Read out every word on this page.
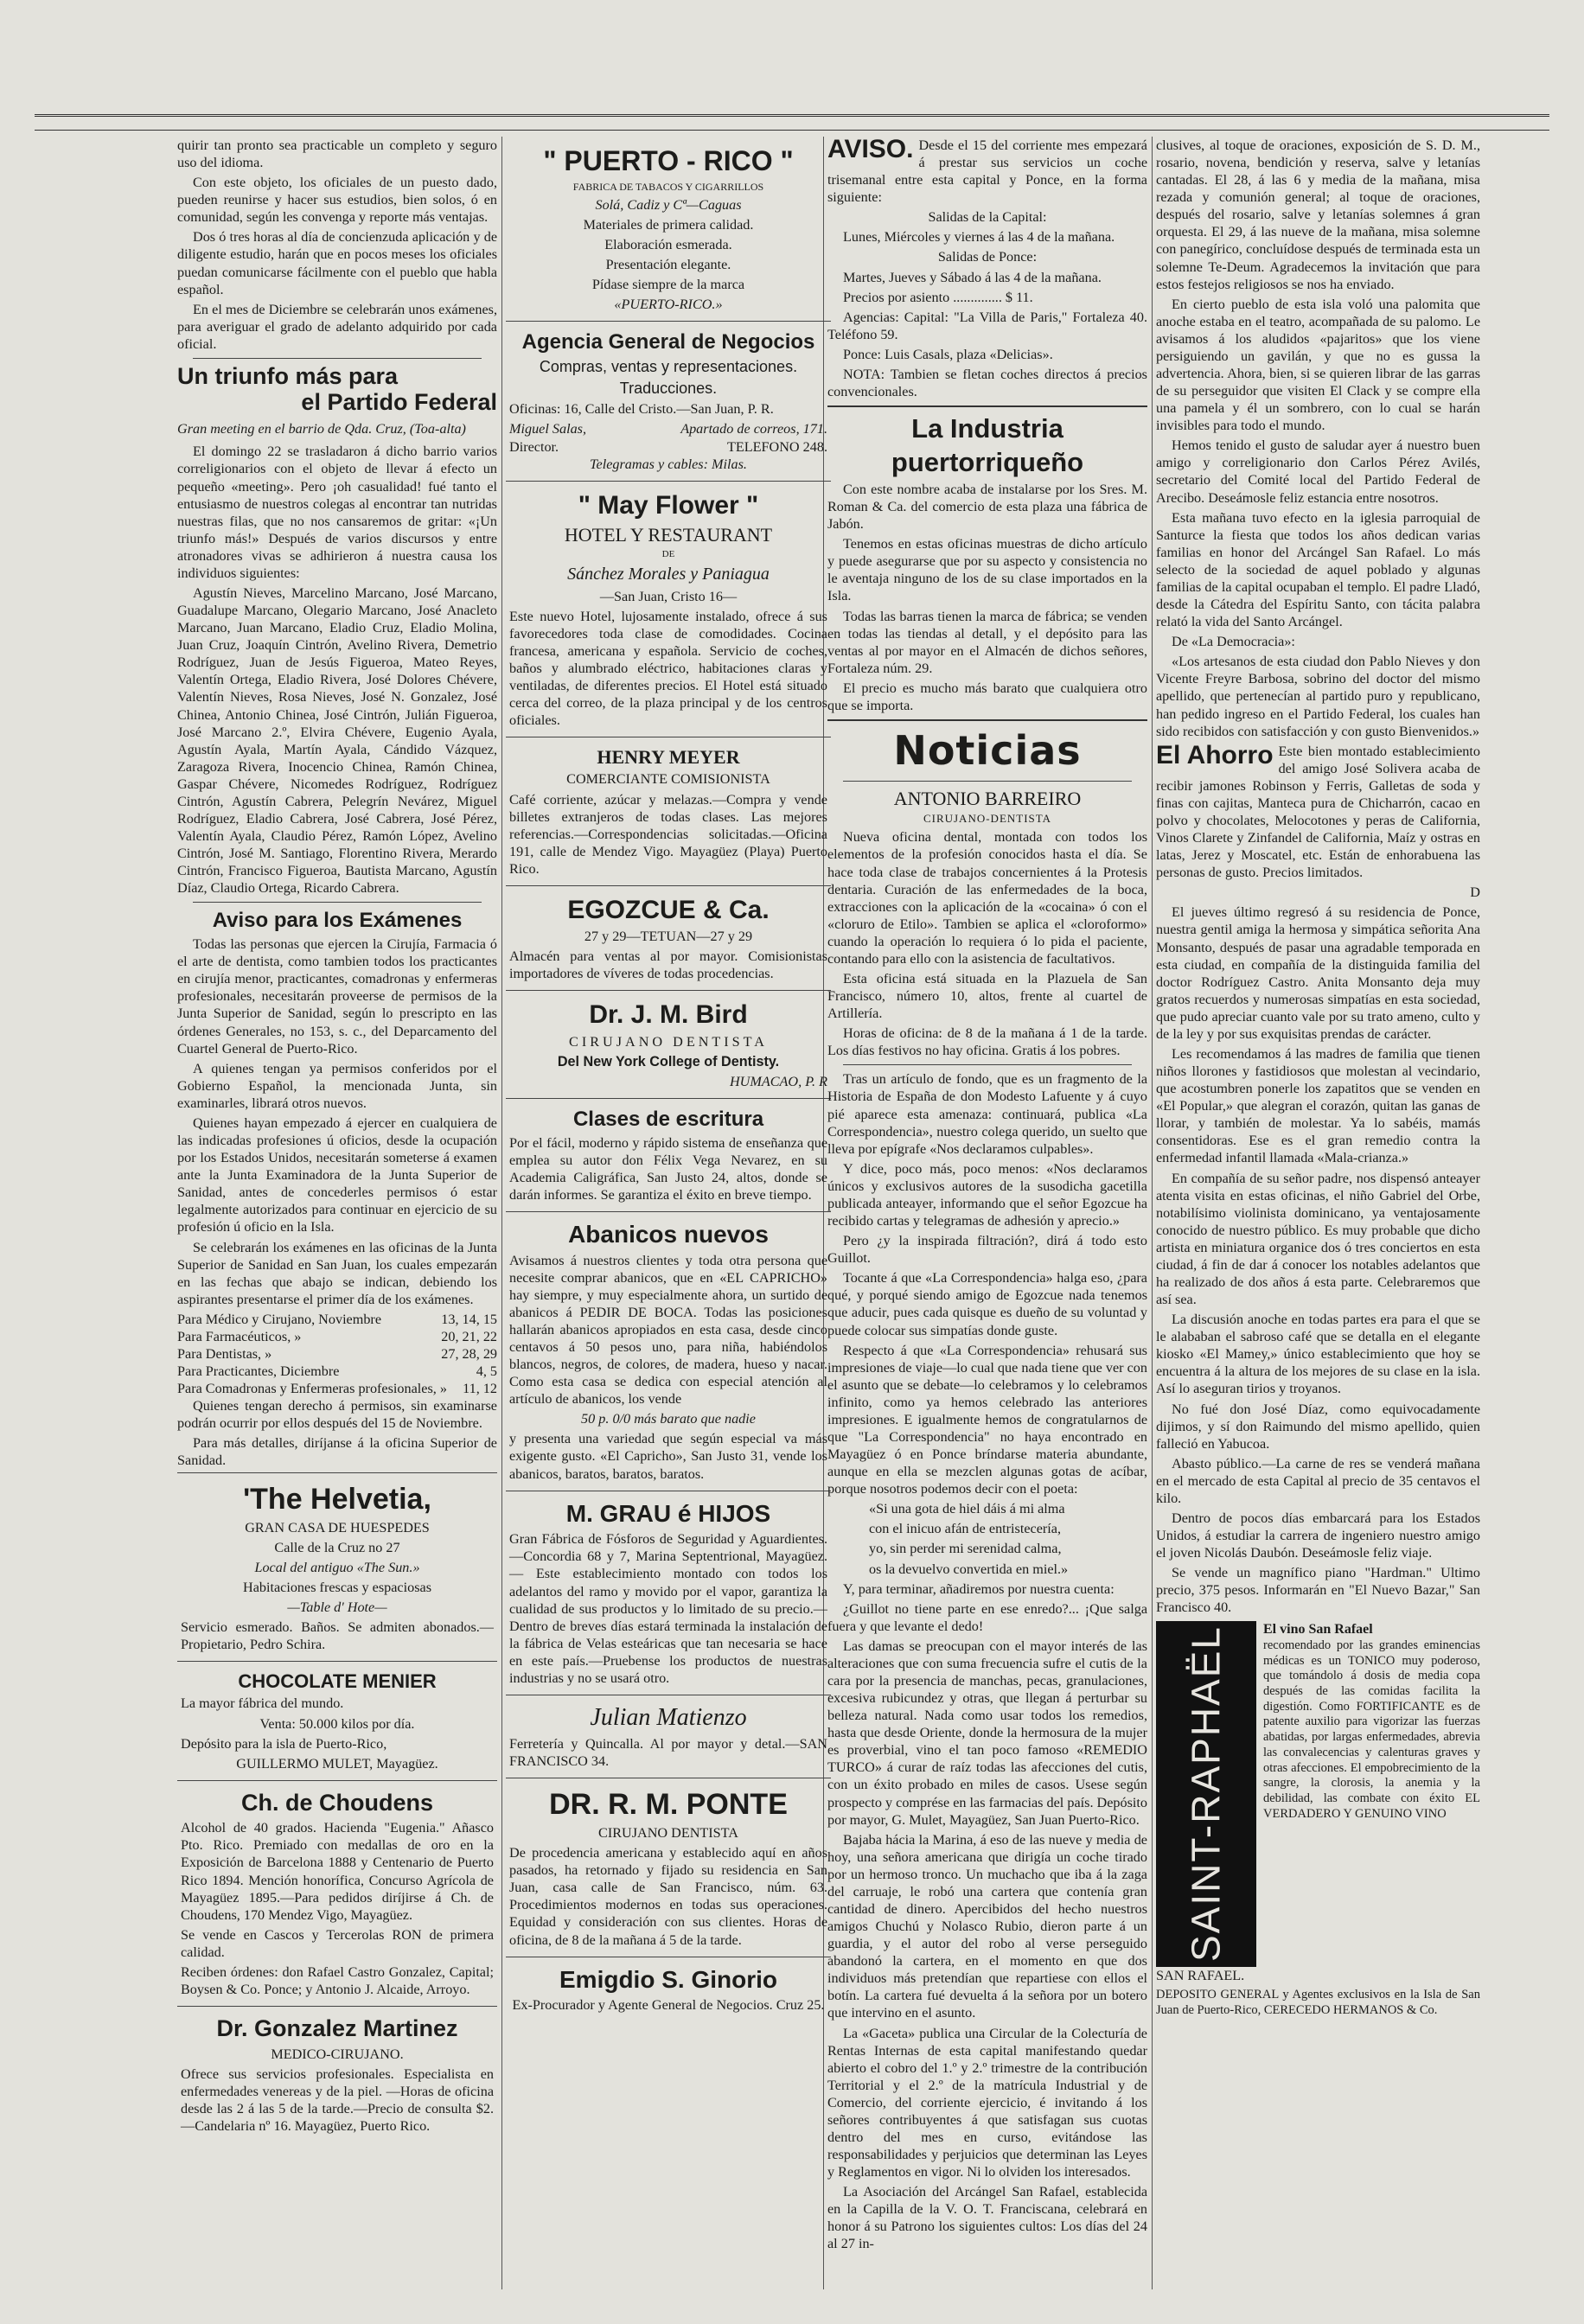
quirir tan pronto sea practicable un completo y seguro uso del idioma.

Con este objeto, los oficiales de un puesto dado, pueden reunirse y hacer sus estudios, bien solos, ó en comunidad, según les convenga y reporte más ventajas.

Dos ó tres horas al día de concienzuda aplicación y de diligente estudio, harán que en pocos meses los oficiales puedan comunicarse fácilmente con el pueblo que habla español.

En el mes de Diciembre se celebrarán unos exámenes, para averiguar el grado de adelanto adquirido por cada oficial.

Un triunfo más para
el Partido Federal

Gran meeting en el barrio de Qda. Cruz, (Toa-alta)

El domingo 22 se trasladaron á dicho barrio varios correligionarios con el objeto de llevar á efecto un pequeño «meeting». Pero ¡oh casualidad! fué tanto el entusiasmo de nuestros colegas al encontrar tan nutridas nuestras filas, que no nos cansaremos de gritar: «¡Un triunfo más!» Después de varios discursos y entre atronadores vivas se adhirieron á nuestra causa los individuos siguientes:

Agustín Nieves, Marcelino Marcano, José Marcano, Guadalupe Marcano, Olegario Marcano, José Anacleto Marcano, Juan Marcano, Eladio Cruz, Eladio Molina, Juan Cruz, Joaquín Cintrón, Avelino Rivera, Demetrio Rodríguez, Juan de Jesús Figueroa, Mateo Reyes, Valentín Ortega, Eladio Rivera, José Dolores Chévere, Valentín Nieves, Rosa Nieves, José N. Gonzalez, José Chinea, Antonio Chinea, José Cintrón, Julián Figueroa, José Marcano 2.º, Elvira Chévere, Eugenio Ayala, Agustín Ayala, Martín Ayala, Cándido Vázquez, Zaragoza Rivera, Inocencio Chinea, Ramón Chinea, Gaspar Chévere, Nicomedes Rodríguez, Rodríguez Cintrón, Agustín Cabrera, Pelegrín Nevárez, Miguel Rodríguez, Eladio Cabrera, José Cabrera, José Pérez, Valentín Ayala, Claudio Pérez, Ramón López, Avelino Cintrón, José M. Santiago, Florentino Rivera, Merardo Cintrón, Francisco Figueroa, Bautista Marcano, Agustín Díaz, Claudio Ortega, Ricardo Cabrera.

Aviso para los Exámenes

Todas las personas que ejercen la Cirujía, Farmacia ó el arte de dentista, como tambien todos los practicantes en cirujía menor, practicantes, comadronas y enfermeras profesionales, necesitarán proveerse de permisos de la Junta Superior de Sanidad, según lo prescripto en las órdenes Generales, no 153, s. c., del Deparcamento del Cuartel General de Puerto-Rico.

A quienes tengan ya permisos conferidos por el Gobierno Español, la mencionada Junta, sin examinarles, librará otros nuevos.

Quienes hayan empezado á ejercer en cualquiera de las indicadas profesiones ú oficios, desde la ocupación por los Estados Unidos, necesitarán someterse á examen ante la Junta Examinadora de la Junta Superior de Sanidad, antes de concederles permisos ó estar legalmente autorizados para continuar en ejercicio de su profesión ú oficio en la Isla.

Se celebrarán los exámenes en las oficinas de la Junta Superior de Sanidad en San Juan, los cuales empezarán en las fechas que abajo se indican, debiendo los aspirantes presentarse el primer día de los exámenes.

Para Médico y Cirujano, Noviembre	13, 14, 15
Para Farmacéuticos, »	20, 21, 22
Para Dentistas, »	27, 28, 29
Para Practicantes, Diciembre	4, 5
Para Comadronas y Enfermeras profesionales, » 11, 12

Quienes tengan derecho á permisos, sin examinarse podrán ocurrir por ellos después del 15 de Noviembre.

Para más detalles, diríjanse á la oficina Superior de Sanidad.

'The Helvetia,

GRAN CASA DE HUESPEDES

Calle de la Cruz no 27

Local del antiguo «The Sun.»

Habitaciones frescas y espaciosas

—Table d' Hote—

Servicio esmerado. Baños. Se admiten abonados.—Propietario, Pedro Schira.

CHOCOLATE MENIER

La mayor fábrica del mundo.

Venta: 50.000 kilos por día.

Depósito para la isla de Puerto-Rico,

GUILLERMO MULET, Mayagüez.

Ch. de Choudens

Alcohol de 40 grados. Hacienda "Eugenia." Añasco Pto. Rico. Premiado con medallas de oro en la Exposición de Barcelona 1888 y Centenario de Puerto Rico 1894. Mención honorífica, Concurso Agrícola de Mayagüez 1895.—Para pedidos diríjirse á Ch. de Choudens, 170 Mendez Vigo, Mayagüez.

Se vende en Cascos y Tercerolas RON de primera calidad.

Reciben órdenes: don Rafael Castro Gonzalez, Capital; Boysen & Co. Ponce; y Antonio J. Alcaide, Arroyo.

Dr. Gonzalez Martinez

MEDICO-CIRUJANO.

Ofrece sus servicios profesionales. Especialista en enfermedades venereas y de la piel. —Horas de oficina desde las 2 á las 5 de la tarde.—Precio de consulta $2.—Candelaria nº 16. Mayagüez, Puerto Rico.

" PUERTO - RICO "

FABRICA DE TABACOS Y CIGARRILLOS

Solá, Cadiz y Cª—Caguas

Materiales de primera calidad.

Elaboración esmerada.

Presentación elegante.

Pídase siempre de la marca

«PUERTO-RICO.»

Agencia General de Negocios

Compras, ventas y representaciones.

Traducciones.

Oficinas: 16, Calle del Cristo.—San Juan, P. R.

Miguel Salas,	Apartado de correos, 171.
Director.	TELEFONO 248.

Telegramas y cables: Milas.

" May Flower "

HOTEL Y RESTAURANT

DE

Sánchez Morales y Paniagua

—San Juan, Cristo 16—

Este nuevo Hotel, lujosamente instalado, ofrece á sus favorecedores toda clase de comodidades. Cocina francesa, americana y española. Servicio de coches, baños y alumbrado eléctrico, habitaciones claras y ventiladas, de diferentes precios. El Hotel está situado cerca del correo, de la plaza principal y de los centros oficiales.

HENRY MEYER

COMERCIANTE COMISIONISTA

Café corriente, azúcar y melazas.—Compra y vende billetes extranjeros de todas clases. Las mejores referencias.—Correspondencias solicitadas.—Oficina 191, calle de Mendez Vigo. Mayagüez (Playa) Puerto Rico.

EGOZCUE & Ca.

27 y 29—TETUAN—27 y 29

Almacén para ventas al por mayor. Comisionistas importadores de víveres de todas procedencias.

Dr. J. M. Bird

CIRUJANO DENTISTA

Del New York College of Dentisty.

HUMACAO, P. R

Clases de escritura

Por el fácil, moderno y rápido sistema de enseñanza que emplea su autor don Félix Vega Nevarez, en su Academia Caligráfica, San Justo 24, altos, donde se darán informes. Se garantiza el éxito en breve tiempo.

Abanicos nuevos

Avisamos á nuestros clientes y toda otra persona que necesite comprar abanicos, que en «EL CAPRICHO» hay siempre, y muy especialmente ahora, un surtido de abanicos á PEDIR DE BOCA. Todas las posiciones hallarán abanicos apropiados en esta casa, desde cinco centavos á 50 pesos uno, para niña, habiéndolos blancos, negros, de colores, de madera, hueso y nacar. Como esta casa se dedica con especial atención al artículo de abanicos, los vende

50 p. 0/0 más barato que nadie

y presenta una variedad que según especial va más exigente gusto. «El Capricho», San Justo 31, vende los abanicos, baratos, baratos, baratos.

M. GRAU é HIJOS

Gran Fábrica de Fósforos de Seguridad y Aguardientes.—Concordia 68 y 7, Marina Septentrional, Mayagüez. — Este establecimiento montado con todos los adelantos del ramo y movido por el vapor, garantiza la cualidad de sus productos y lo limitado de su precio.—Dentro de breves días estará terminada la instalación de la fábrica de Velas esteáricas que tan necesaria se hace en este país.—Pruebense los productos de nuestras industrias y no se usará otro.

Julian Matienzo

Ferretería y Quincalla. Al por mayor y detal.—SAN FRANCISCO 34.

DR. R. M. PONTE

CIRUJANO DENTISTA

De procedencia americana y establecido aquí en años pasados, ha retornado y fijado su residencia en San Juan, casa calle de San Francisco, núm. 63. Procedimientos modernos en todas sus operaciones. Equidad y consideración con sus clientes. Horas de oficina, de 8 de la mañana á 5 de la tarde.

Emigdio S. Ginorio

Ex-Procurador y Agente General de Negocios. Cruz 25.

AVISO. Desde el 15 del corriente mes empezará á prestar sus servicios un coche trisemanal entre esta capital y Ponce, en la forma siguiente:

Salidas de la Capital:

Lunes, Miércoles y viernes á las 4 de la mañana.

Salidas de Ponce:

Martes, Jueves y Sábado á las 4 de la mañana.

Precios por asiento .............. $ 11.

Agencias: Capital: "La Villa de Paris," Fortaleza 40. Teléfono 59.

Ponce: Luis Casals, plaza «Delicias».

NOTA: Tambien se fletan coches directos á precios convencionales.

La Industria puertorriqueño

Con este nombre acaba de instalarse por los Sres. M. Roman & Ca. del comercio de esta plaza una fábrica de Jabón.

Tenemos en estas oficinas muestras de dicho artículo y puede asegurarse que por su aspecto y consistencia no le aventaja ninguno de los de su clase importados en la Isla.

Todas las barras tienen la marca de fábrica; se venden en todas las tiendas al detall, y el depósito para las ventas al por mayor en el Almacén de dichos señores, Fortaleza núm. 29.

El precio es mucho más barato que cualquiera otro que se importa.

Noticias
ANTONIO BARREIRO

CIRUJANO-DENTISTA

Nueva oficina dental, montada con todos los elementos de la profesión conocidos hasta el día. Se hace toda clase de trabajos concernientes á la Protesis dentaria. Curación de las enfermedades de la boca, extracciones con la aplicación de la «cocaina» ó con el «cloruro de Etilo». Tambien se aplica el «cloroformo» cuando la operación lo requiera ó lo pida el paciente, contando para ello con la asistencia de facultativos.

Esta oficina está situada en la Plazuela de San Francisco, número 10, altos, frente al cuartel de Artillería.

Horas de oficina: de 8 de la mañana á 1 de la tarde. Los días festivos no hay oficina. Gratis á los pobres.

Tras un artículo de fondo, que es un fragmento de la Historia de España de don Modesto Lafuente y á cuyo pié aparece esta amenaza: continuará, publica «La Correspondencia», nuestro colega querido, un suelto que lleva por epígrafe «Nos declaramos culpables».

Y dice, poco más, poco menos: «Nos declaramos únicos y exclusivos autores de la susodicha gacetilla publicada anteayer, informando que el señor Egozcue ha recibido cartas y telegramas de adhesión y aprecio.»

Pero ¿y la inspirada filtración?, dirá á todo esto Guillot.

Tocante á que «La Correspondencia» halga eso, ¿para qué, y porqué siendo amigo de Egozcue nada tenemos que aducir, pues cada quisque es dueño de su voluntad y puede colocar sus simpatías donde guste.

Respecto á que «La Correspondencia» rehusará sus impresiones de viaje—lo cual que nada tiene que ver con el asunto que se debate—lo celebramos y lo celebramos infinito, como ya hemos celebrado las anteriores impresiones. E igualmente hemos de congratularnos de que "La Correspondencia" no haya encontrado en Mayagüez ó en Ponce bríndarse materia abundante, aunque en ella se mezclen algunas gotas de acíbar, porque nosotros podemos decir con el poeta:

«Si una gota de hiel dáis á mi alma

con el inicuo afán de entristecería,

yo, sin perder mi serenidad calma,

os la devuelvo convertida en miel.»

Y, para terminar, añadiremos por nuestra cuenta:

¿Guillot no tiene parte en ese enredo?... ¡Que salga fuera y que levante el dedo!

Las damas se preocupan con el mayor interés de las alteraciones que con suma frecuencia sufre el cutis de la cara por la presencia de manchas, pecas, granulaciones, excesiva rubicundez y otras, que llegan á perturbar su belleza natural. Nada como usar todos los remedios, hasta que desde Oriente, donde la hermosura de la mujer es proverbial, vino el tan poco famoso «REMEDIO TURCO» á curar de raíz todas las afecciones del cutis, con un éxito probado en miles de casos. Usese según prospecto y comprése en las farmacias del país. Depósito por mayor, G. Mulet, Mayagüez, San Juan Puerto-Rico.

Bajaba hácia la Marina, á eso de las nueve y media de hoy, una señora americana que dirigía un coche tirado por un hermoso tronco. Un muchacho que iba á la zaga del carruaje, le robó una cartera que contenía gran cantidad de dinero. Apercibidos del hecho nuestros amigos Chuchú y Nolasco Rubio, dieron parte á un guardia, y el autor del robo al verse perseguido abandonó la cartera, en el momento en que dos individuos más pretendían que repartiese con ellos el botín. La cartera fué devuelta á la señora por un botero que intervino en el asunto.

La «Gaceta» publica una Circular de la Colecturía de Rentas Internas de esta capital manifestando quedar abierto el cobro del 1.º y 2.º trimestre de la contribución Territorial y el 2.º de la matrícula Industrial y de Comercio, del corriente ejercicio, é invitando á los señores contribuyentes á que satisfagan sus cuotas dentro del mes en curso, evitándose las responsabilidades y perjuicios que determinan las Leyes y Reglamentos en vigor. Ni lo olviden los interesados.

La Asociación del Arcángel San Rafael, establecida en la Capilla de la V. O. T. Franciscana, celebrará en honor á su Patrono los siguientes cultos: Los días del 24 al 27 in-

clusives, al toque de oraciones, exposición de S. D. M., rosario, novena, bendición y reserva, salve y letanías cantadas. El 28, á las 6 y media de la mañana, misa rezada y comunión general; al toque de oraciones, después del rosario, salve y letanías solemnes á gran orquesta. El 29, á las nueve de la mañana, misa solemne con panegírico, concluídose después de terminada esta un solemne Te-Deum. Agradecemos la invitación que para estos festejos religiosos se nos ha enviado.

En cierto pueblo de esta isla voló una palomita que anoche estaba en el teatro, acompañada de su palomo. Le avisamos á los aludidos «pajaritos» que los viene persiguiendo un gavilán, y que no es gussa la advertencia. Ahora, bien, si se quieren librar de las garras de su perseguidor que visiten El Clack y se compre ella una pamela y él un sombrero, con lo cual se harán invisibles para todo el mundo.

Hemos tenido el gusto de saludar ayer á nuestro buen amigo y correligionario don Carlos Pérez Avilés, secretario del Comité local del Partido Federal de Arecibo. Deseámosle feliz estancia entre nosotros.

Esta mañana tuvo efecto en la iglesia parroquial de Santurce la fiesta que todos los años dedican varias familias en honor del Arcángel San Rafael. Lo más selecto de la sociedad de aquel poblado y algunas familias de la capital ocupaban el templo. El padre Lladó, desde la Cátedra del Espíritu Santo, con tácita palabra relató la vida del Santo Arcángel.

De «La Democracia»:

«Los artesanos de esta ciudad don Pablo Nieves y don Vicente Freyre Barbosa, sobrino del doctor del mismo apellido, que pertenecían al partido puro y republicano, han pedido ingreso en el Partido Federal, los cuales han sido recibidos con satisfacción y con gusto Bienvenidos.»

El Ahorro Este bien montado establecimiento del amigo José Solivera acaba de recibir jamones Robinson y Ferris, Galletas de soda y finas con cajitas, Manteca pura de Chicharrón, cacao en polvo y chocolates, Melocotones y peras de California, Vinos Clarete y Zinfandel de California, Maíz y ostras en latas, Jerez y Moscatel, etc. Están de enhorabuena las personas de gusto. Precios limitados.

D

El jueves último regresó á su residencia de Ponce, nuestra gentil amiga la hermosa y simpática señorita Ana Monsanto, después de pasar una agradable temporada en esta ciudad, en compañía de la distinguida familia del doctor Rodríguez Castro. Anita Monsanto deja muy gratos recuerdos y numerosas simpatías en esta sociedad, que pudo apreciar cuanto vale por su trato ameno, culto y de la ley y por sus exquisitas prendas de carácter.

Les recomendamos á las madres de familia que tienen niños llorones y fastidiosos que molestan al vecindario, que acostumbren ponerle los zapatitos que se venden en «El Popular,» que alegran el corazón, quitan las ganas de llorar, y también de molestar. Ya lo sabéis, mamás consentidoras. Ese es el gran remedio contra la enfermedad infantil llamada «Mala-crianza.»

En compañía de su señor padre, nos dispensó anteayer atenta visita en estas oficinas, el niño Gabriel del Orbe, notabilísimo violinista dominicano, ya ventajosamente conocido de nuestro público. Es muy probable que dicho artista en miniatura organice dos ó tres conciertos en esta ciudad, á fin de dar á conocer los notables adelantos que ha realizado de dos años á esta parte. Celebraremos que así sea.

La discusión anoche en todas partes era para el que se le alababan el sabroso café que se detalla en el elegante kiosko «El Mamey,» único establecimiento que hoy se encuentra á la altura de los mejores de su clase en la isla. Así lo aseguran tirios y troyanos.

No fué don José Díaz, como equivocadamente dijimos, y sí don Raimundo del mismo apellido, quien falleció en Yabucoa.

Abasto público.—La carne de res se venderá mañana en el mercado de esta Capital al precio de 35 centavos el kilo.

Dentro de pocos días embarcará para los Estados Unidos, á estudiar la carrera de ingeniero nuestro amigo el joven Nicolás Daubón. Deseámosle feliz viaje.

Se vende un magnífico piano "Hardman." Ultimo precio, 375 pesos. Informarán en "El Nuevo Bazar," San Francisco 40.

SAINT-RAPHAËL	El vino San Rafael
recomendado por las grandes eminencias médicas es un TONICO muy poderoso, que tomándolo á dosis de media copa después de las comidas facilita la digestión. Como FORTIFICANTE es de patente auxilio para vigorizar las fuerzas abatidas, por largas enfermedades, abrevia las convalecencias y calenturas graves y otras afecciones. El empobrecimiento de la sangre, la clorosis, la anemia y la debilidad, las combate con éxito EL VERDADERO Y GENUINO VINO

SAN RAFAEL.

DEPOSITO GENERAL y Agentes exclusivos en la Isla de San Juan de Puerto-Rico, CERECEDO HERMANOS & Co.
